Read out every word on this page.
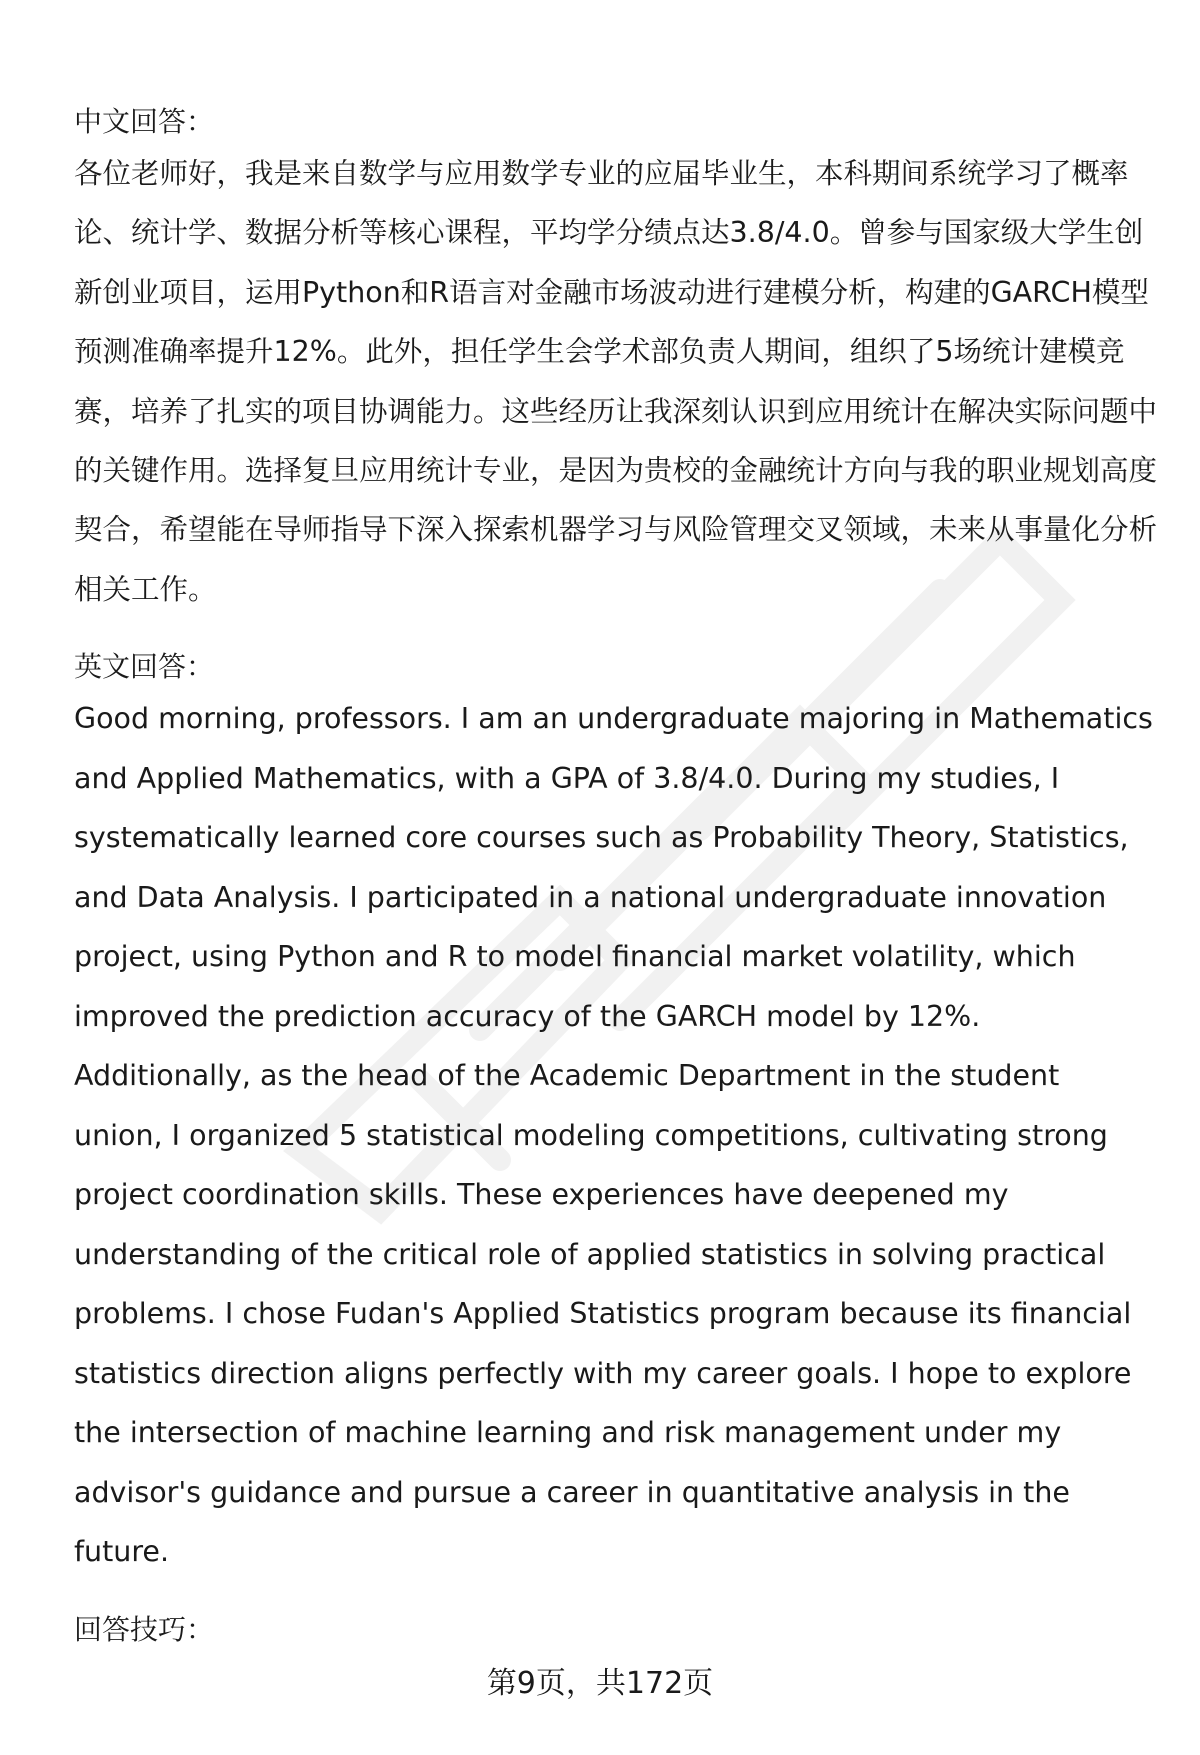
中文回答：

各位老师好，我是来自数学与应用数学专业的应届毕业生，本科期间系统学习了概率论、统计学、数据分析等核心课程，平均学分绩点达3.8/4.0。曾参与国家级大学生创新创业项目，运用Python和R语言对金融市场波动进行建模分析，构建的GARCH模型预测准确率提升12%。此外，担任学生会学术部负责人期间，组织了5场统计建模竞赛，培养了扎实的项目协调能力。这些经历让我深刻认识到应用统计在解决实际问题中的关键作用。选择复旦应用统计专业，是因为贵校的金融统计方向与我的职业规划高度契合，希望能在导师指导下深入探索机器学习与风险管理交叉领域，未来从事量化分析相关工作。

英文回答：

Good morning, professors. I am an undergraduate majoring in Mathematics and Applied Mathematics, with a GPA of 3.8/4.0. During my studies, I systematically learned core courses such as Probability Theory, Statistics, and Data Analysis. I participated in a national undergraduate innovation project, using Python and R to model financial market volatility, which improved the prediction accuracy of the GARCH model by 12%. Additionally, as the head of the Academic Department in the student union, I organized 5 statistical modeling competitions, cultivating strong project coordination skills. These experiences have deepened my understanding of the critical role of applied statistics in solving practical problems. I chose Fudan's Applied Statistics program because its financial statistics direction aligns perfectly with my career goals. I hope to explore the intersection of machine learning and risk management under my advisor's guidance and pursue a career in quantitative analysis in the future.

回答技巧：

第9页，共172页
